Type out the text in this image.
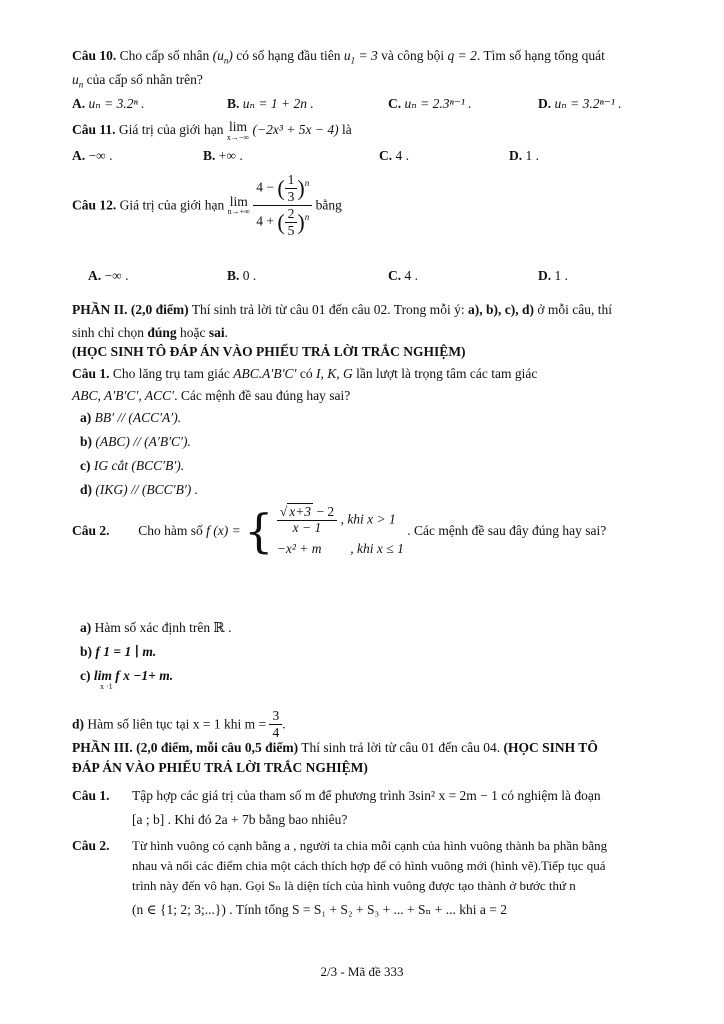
Câu 10. Cho cấp số nhân $(u_n)$ có số hạng đầu tiên $u_1 = 3$ và công bội q = 2. Tìm số hạng tổng quát
$u_n$ của cấp số nhân trên?
A. uₙ = 3.2ⁿ .	B. uₙ = 1 + 2n .	C. uₙ = 2.3ⁿ⁻¹ .	D. uₙ = 3.2ⁿ⁻¹ .
Câu 11. Giá trị của giới hạn lim
x→−∞
(−2x³ + 5x − 4) là
A. −∞ .	B. +∞ .	C. 4 .	D. 1 .
Câu 12. Giá trị của giới hạn lim
n→+∞
$\frac{4 - ( \frac{1}{3} )^n}{4 + ( \frac{2}{5} )^n}$ bằng
A. −∞ .	B. 0 .	C. 4 .	D. 1 .
PHẦN II. (2,0 điểm) Thí sinh trả lời từ câu 01 đến câu 02. Trong mỗi ý: a), b), c), d) ở mỗi câu, thí
sinh chỉ chọn đúng hoặc sai.
(HỌC SINH TÔ ĐÁP ÁN VÀO PHIẾU TRẢ LỜI TRẮC NGHIỆM)
Câu 1. Cho lăng trụ tam giác ABC.A′B′C′ có I, K, G lần lượt là trọng tâm các tam giác
ABC, A′B′C′, ACC′. Các mệnh đề sau đúng hay sai?
a) BB′ // (ACC′A′).
b) (ABC) // (A′B′C′).
c) IG cắt (BCC′B′).
d) (IKG) // (BCC′B′) .
Câu 2. Cho hàm số f (x) = { $\frac{√ x+3 - 2}{x - 1}$ , khi x > 1
−x² + m , khi x ≤ 1
. Các mệnh đề sau đây đúng hay sai?
a) Hàm số xác định trên ℝ .
b) f 1 = 1 ∣ m.
c) lim f x −1+ m.
x ·1
d) Hàm số liên tục tại x = 1 khi $m = \frac{3}{4}$ .
PHẦN III. (2,0 điểm, mỗi câu 0,5 điểm) Thí sinh trả lời từ câu 01 đến câu 04. (HỌC SINH TÔ
ĐÁP ÁN VÀO PHIẾU TRẢ LỜI TRẮC NGHIỆM)
Câu 1. Tập hợp các giá trị của tham số m để phương trình 3sin² x = 2m − 1 có nghiệm là đoạn
[a ; b] . Khi đó 2a + 7b bằng bao nhiêu?
Câu 2. Từ hình vuông có cạnh bằng a , người ta chia mỗi cạnh của hình vuông thành ba phần bằng
nhau và nối các điểm chia một cách thích hợp để có hình vuông mới (hình vẽ).Tiếp tục quá
trình này đến vô hạn. Gọi Sₙ là diện tích của hình vuông được tạo thành ở bước thứ n
(n ∈ {1; 2; 3;...}) . Tính tổng S = S₁ + S₂ + S₃ + ... + Sₙ + ... khi a = 2
2/3 - Mã đề 333
